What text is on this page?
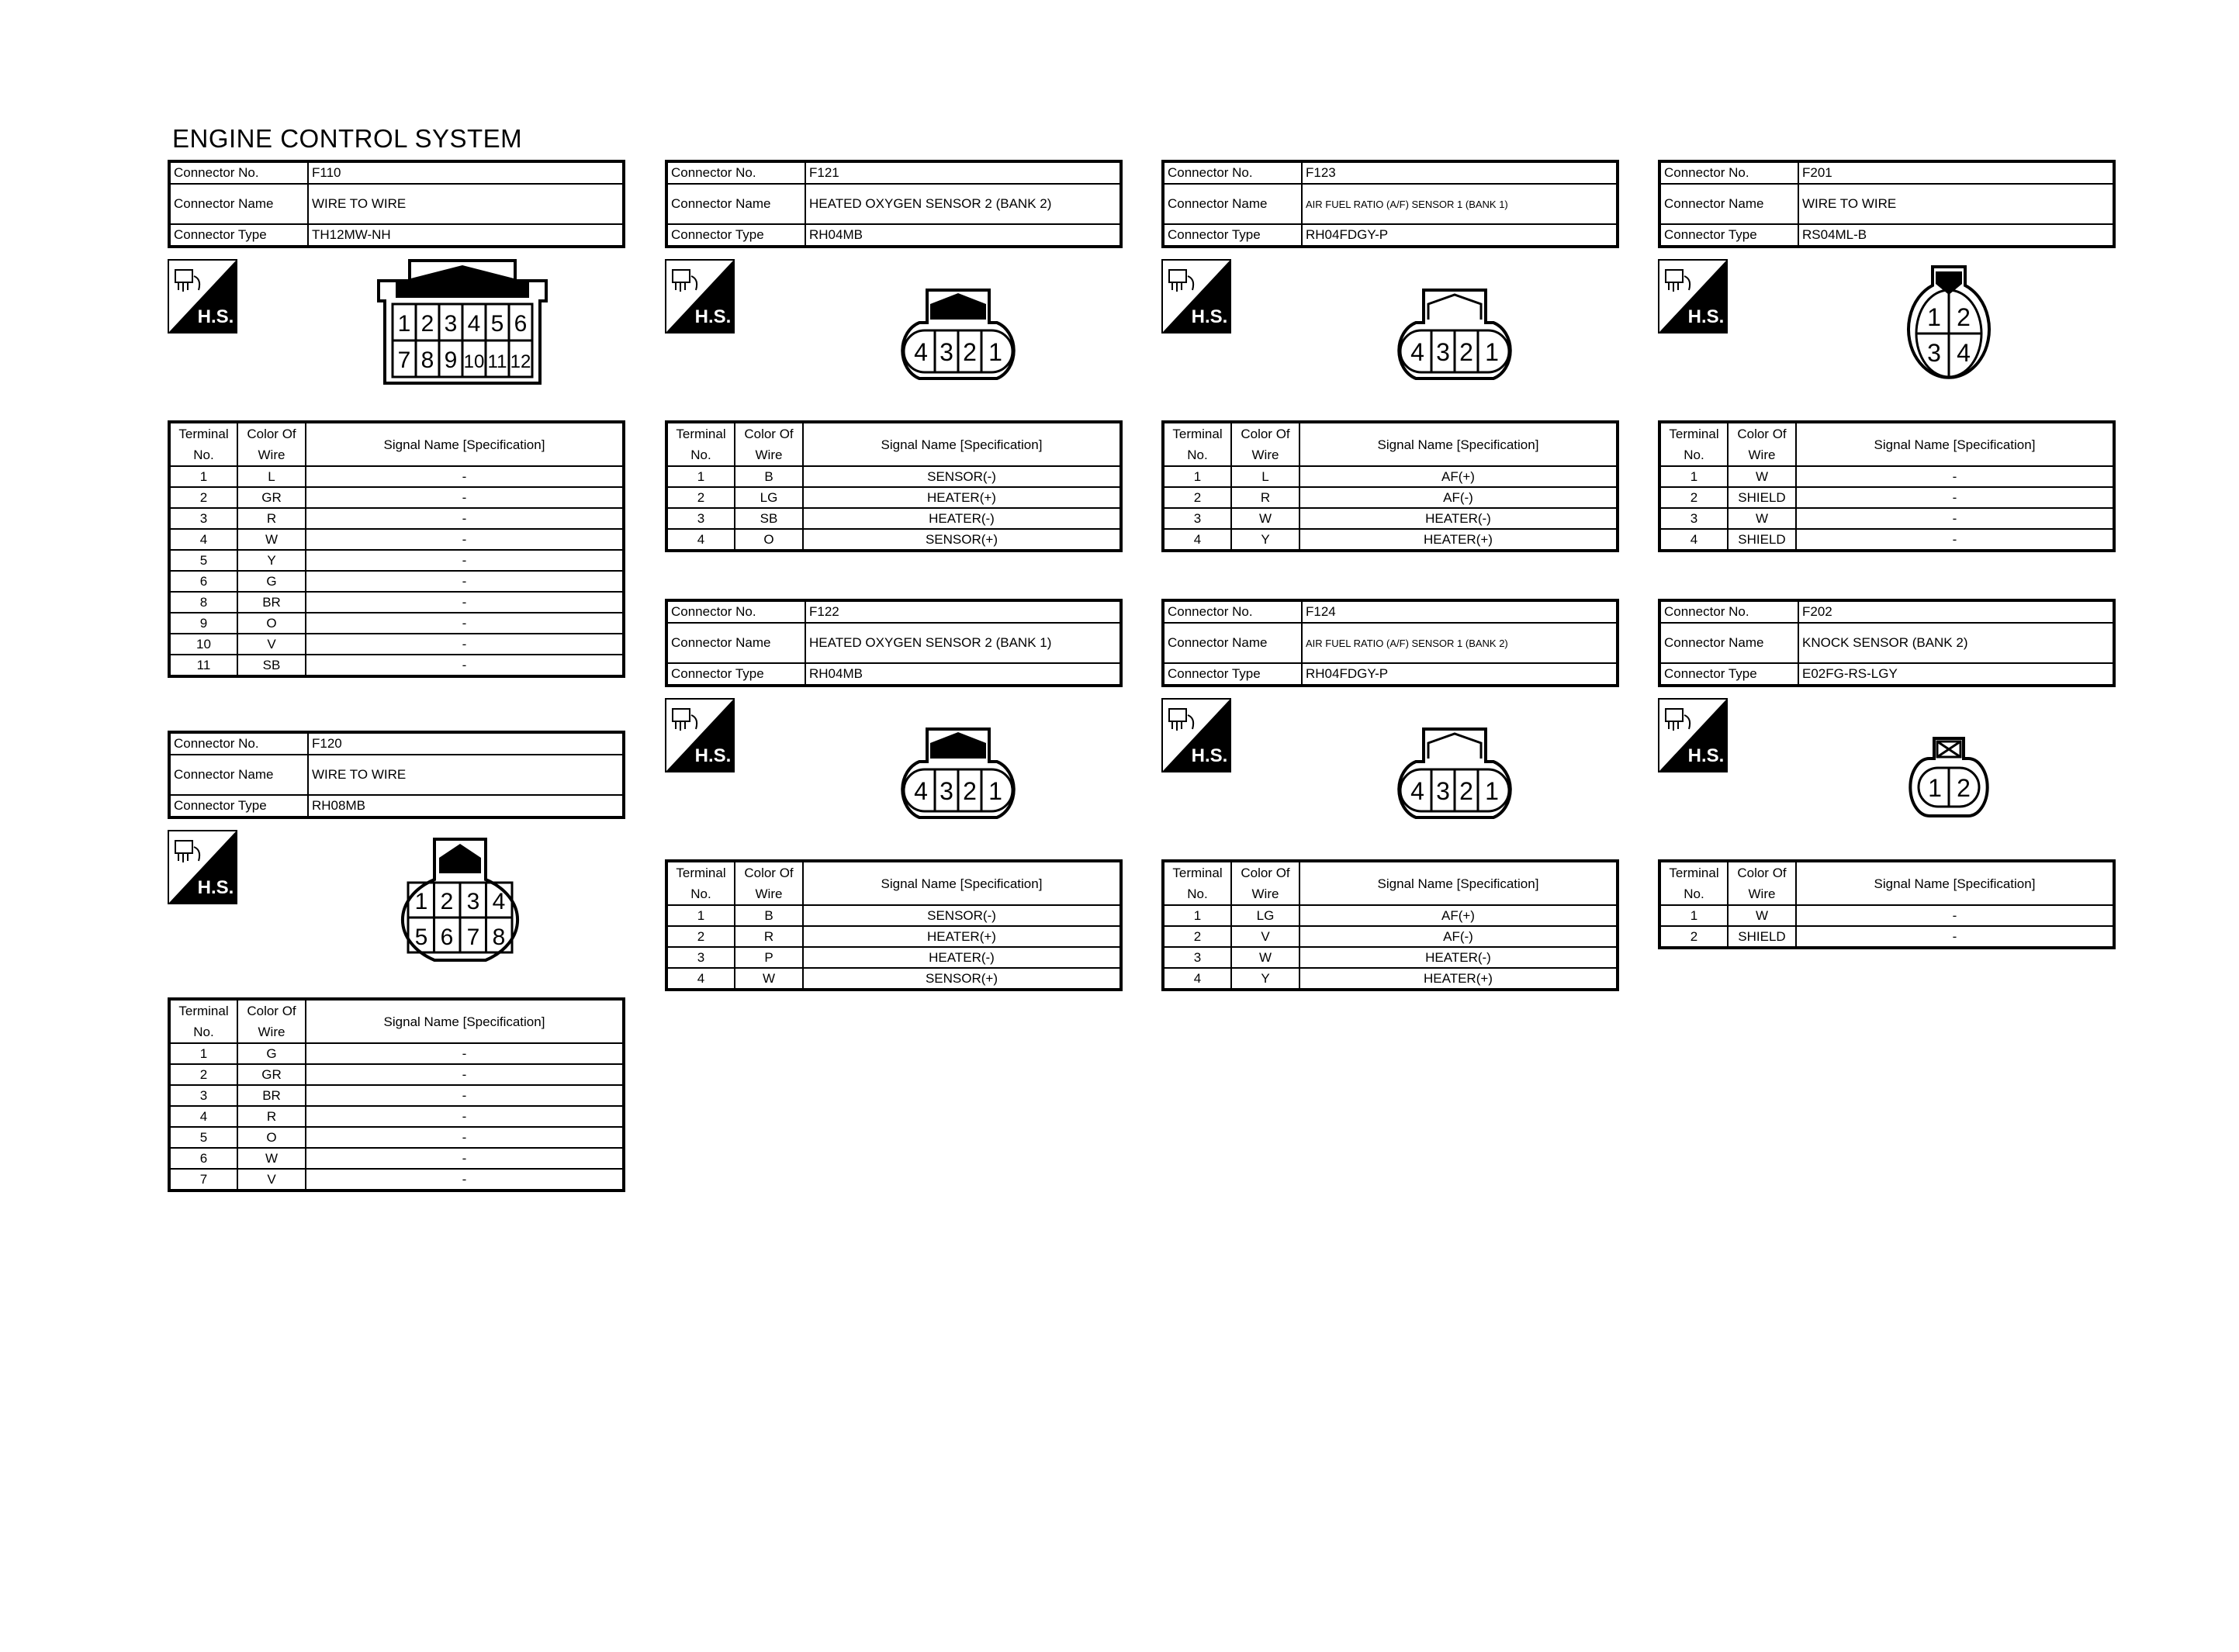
ENGINE CONTROL SYSTEM
Connector No.	F110
Connector Name	WIRE TO WIRE
Connector Type	TH12MW-NH
H.S.	1 2 3 4 5 6
7 8 9 10 11 12
Terminal
No.	Color Of
Wire	Signal Name [Specification]
1	L	-
2	GR	-
3	R	-
4	W	-
5	Y	-
6	G	-
8	BR	-
9	O	-
10	V	-
11	SB	-
Connector No.	F120
Connector Name	WIRE TO WIRE
Connector Type	RH08MB
H.S.
1 2 3 4
5 6 7 8
Terminal
No.	Color Of
Wire	Signal Name [Specification]
1	G	-
2	GR	-
3	BR	-
4	R	-
5	O	-
6	W	-
7	V	-
Connector No.	F121
Connector Name	HEATED OXYGEN SENSOR 2 (BANK 2)
Connector Type	RH04MB
H.S.
4 3 2 1
Terminal
No.	Color Of
Wire	Signal Name [Specification]
1	B	SENSOR(-)
2	LG	HEATER(+)
3	SB	HEATER(-)
4	O	SENSOR(+)
Connector No.	F122
Connector Name	HEATED OXYGEN SENSOR 2 (BANK 1)
Connector Type	RH04MB
H.S.
4 3 2 1
Terminal
No.	Color Of
Wire	Signal Name [Specification]
1	B	SENSOR(-)
2	R	HEATER(+)
3	P	HEATER(-)
4	W	SENSOR(+)
Connector No.	F123
Connector Name	AIR FUEL RATIO (A/F) SENSOR 1 (BANK 1)
Connector Type	RH04FDGY-P
H.S.
4 3 2 1
Terminal
No.	Color Of
Wire	Signal Name [Specification]
1	L	AF(+)
2	R	AF(-)
3	W	HEATER(-)
4	Y	HEATER(+)
Connector No.	F124
Connector Name	AIR FUEL RATIO (A/F) SENSOR 1 (BANK 2)
Connector Type	RH04FDGY-P
H.S.
4 3 2 1
Terminal
No.	Color Of
Wire	Signal Name [Specification]
1	LG	AF(+)
2	V	AF(-)
3	W	HEATER(-)
4	Y	HEATER(+)
Connector No.	F201
Connector Name	WIRE TO WIRE
Connector Type	RS04ML-B
H.S.	1 2
3 4
Terminal
No.	Color Of
Wire	Signal Name [Specification]
1	W	-
2	SHIELD	-
3	W	-
4	SHIELD	-
Connector No.	F202
Connector Name	KNOCK SENSOR (BANK 2)
Connector Type	E02FG-RS-LGY
H.S.
1 2
Terminal
No.	Color Of
Wire	Signal Name [Specification]
1	W	-
2	SHIELD	-
